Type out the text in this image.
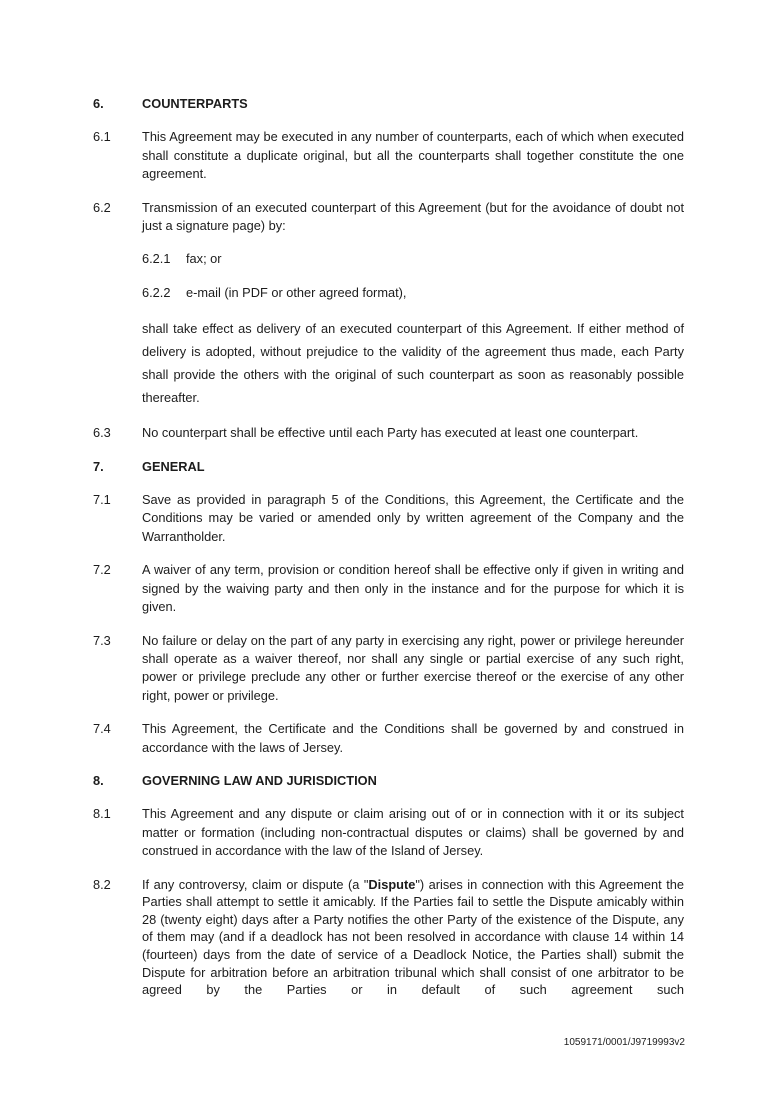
6.	COUNTERPARTS
6.1	This Agreement may be executed in any number of counterparts, each of which when executed shall constitute a duplicate original, but all the counterparts shall together constitute the one agreement.
6.2	Transmission of an executed counterpart of this Agreement (but for the avoidance of doubt not just a signature page) by:
6.2.1	fax; or
6.2.2	e-mail (in PDF or other agreed format),
shall take effect as delivery of an executed counterpart of this Agreement. If either method of delivery is adopted, without prejudice to the validity of the agreement thus made, each Party shall provide the others with the original of such counterpart as soon as reasonably possible thereafter.
6.3	No counterpart shall be effective until each Party has executed at least one counterpart.
7.	GENERAL
7.1	Save as provided in paragraph 5 of the Conditions, this Agreement, the Certificate and the Conditions may be varied or amended only by written agreement of the Company and the Warrantholder.
7.2	A waiver of any term, provision or condition hereof shall be effective only if given in writing and signed by the waiving party and then only in the instance and for the purpose for which it is given.
7.3	No failure or delay on the part of any party in exercising any right, power or privilege hereunder shall operate as a waiver thereof, nor shall any single or partial exercise of any such right, power or privilege preclude any other or further exercise thereof or the exercise of any other right, power or privilege.
7.4	This Agreement, the Certificate and the Conditions shall be governed by and construed in accordance with the laws of Jersey.
8.	GOVERNING LAW AND JURISDICTION
8.1	This Agreement and any dispute or claim arising out of or in connection with it or its subject matter or formation (including non-contractual disputes or claims) shall be governed by and construed in accordance with the law of the Island of Jersey.
8.2	If any controversy, claim or dispute (a "Dispute") arises in connection with this Agreement the Parties shall attempt to settle it amicably. If the Parties fail to settle the Dispute amicably within 28 (twenty eight) days after a Party notifies the other Party of the existence of the Dispute, any of them may (and if a deadlock has not been resolved in accordance with clause 14 within 14 (fourteen) days from the date of service of a Deadlock Notice, the Parties shall) submit the Dispute for arbitration before an arbitration tribunal which shall consist of one arbitrator to be agreed by the Parties or in default of such agreement such
1059171/0001/J9719993v2
